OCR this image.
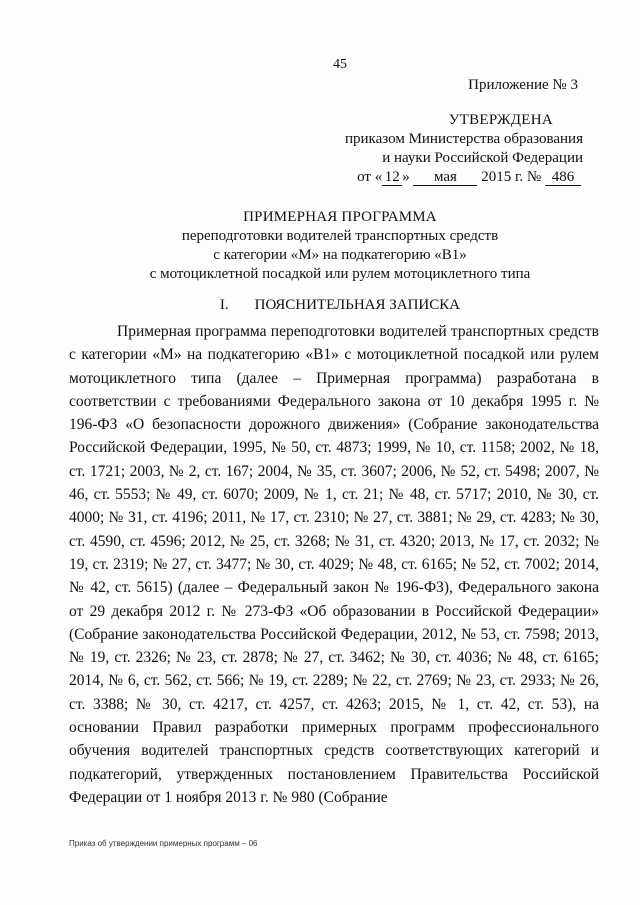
45
Приложение № 3
УТВЕРЖДЕНА
приказом Министерства образования
и науки Российской Федерации
от « 12 » мая 2015 г. № 486
ПРИМЕРНАЯ ПРОГРАММА
переподготовки водителей транспортных средств
с категории «М» на подкатегорию «В1»
с мотоциклетной посадкой или рулем мотоциклетного типа
I. ПОЯСНИТЕЛЬНАЯ ЗАПИСКА

Примерная программа переподготовки водителей транспортных средств с категории «М» на подкатегорию «В1» с мотоциклетной посадкой или рулем мотоциклетного типа (далее – Примерная программа) разработана в соответствии с требованиями Федерального закона от 10 декабря 1995 г. № 196-ФЗ «О безопасности дорожного движения» (Собрание законодательства Российской Федерации, 1995, № 50, ст. 4873; 1999, № 10, ст. 1158; 2002, № 18, ст. 1721; 2003, № 2, ст. 167; 2004, № 35, ст. 3607; 2006, № 52, ст. 5498; 2007, № 46, ст. 5553; № 49, ст. 6070; 2009, № 1, ст. 21; № 48, ст. 5717; 2010, № 30, ст. 4000; № 31, ст. 4196; 2011, № 17, ст. 2310; № 27, ст. 3881; № 29, ст. 4283; № 30, ст. 4590, ст. 4596; 2012, № 25, ст. 3268; № 31, ст. 4320; 2013, № 17, ст. 2032; № 19, ст. 2319; № 27, ст. 3477; № 30, ст. 4029; № 48, ст. 6165; № 52, ст. 7002; 2014, № 42, ст. 5615) (далее – Федеральный закон № 196-ФЗ), Федерального закона от 29 декабря 2012 г. № 273-ФЗ «Об образовании в Российской Федерации» (Собрание законодательства Российской Федерации, 2012, № 53, ст. 7598; 2013, № 19, ст. 2326; № 23, ст. 2878; № 27, ст. 3462; № 30, ст. 4036; № 48, ст. 6165; 2014, № 6, ст. 562, ст. 566; № 19, ст. 2289; № 22, ст. 2769; № 23, ст. 2933; № 26, ст. 3388; № 30, ст. 4217, ст. 4257, ст. 4263; 2015, № 1, ст. 42, ст. 53), на основании Правил разработки примерных программ профессионального обучения водителей транспортных средств соответствующих категорий и подкатегорий, утвержденных постановлением Правительства Российской Федерации от 1 ноября 2013 г. № 980 (Собрание

Приказ об утверждении примерных программ – 06
